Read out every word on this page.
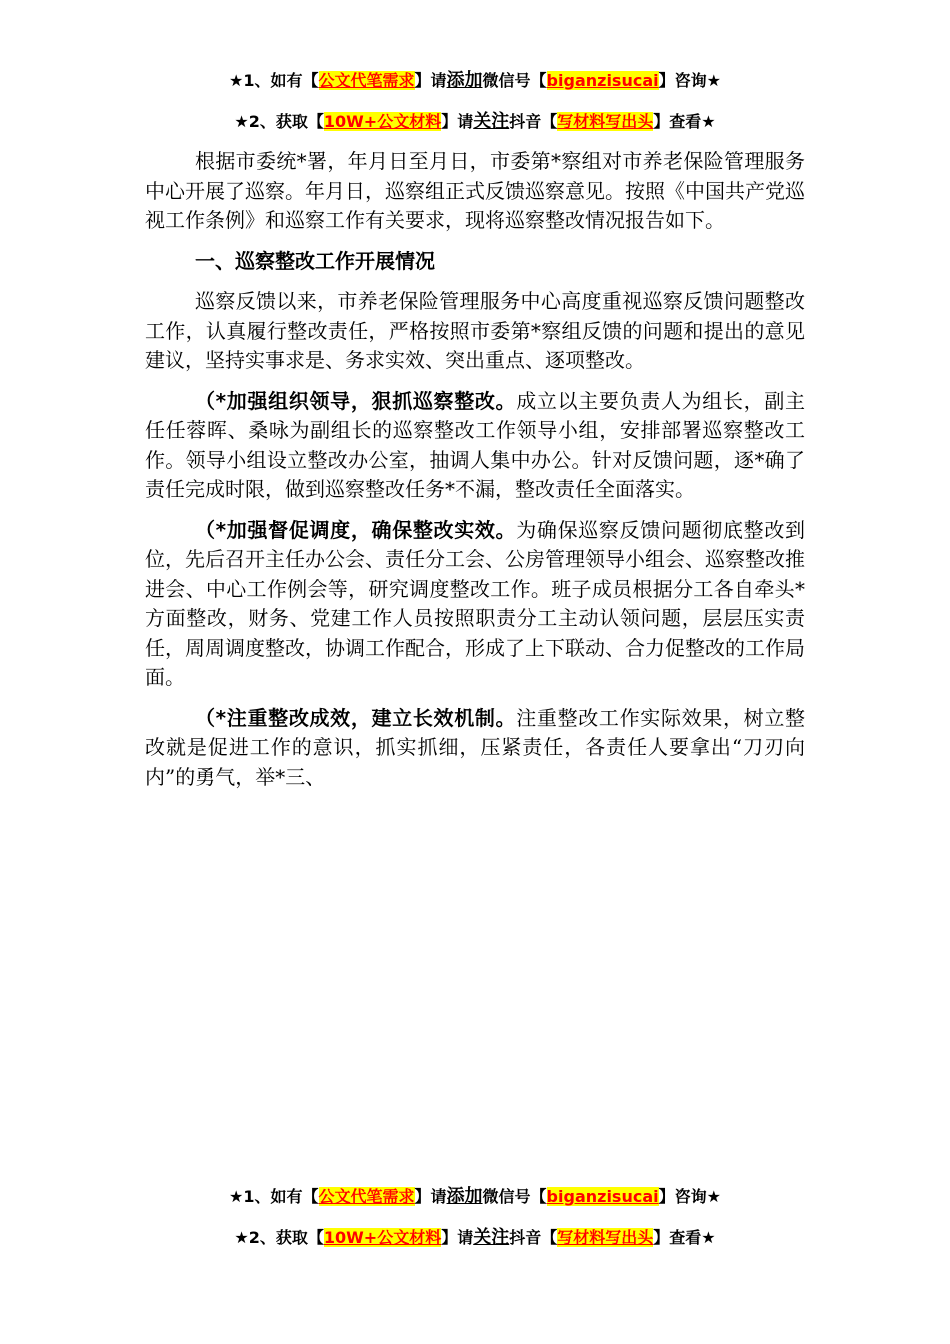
★1、如有【公文代笔需求】请添加微信号【biganzisucai】咨询★
★2、获取【10W+公文材料】请关注抖音【写材料写出头】查看★

根据市委统*署，年月日至月日，市委第*察组对市养老保险管理服务中心开展了巡察。年月日，巡察组正式反馈巡察意见。按照《中国共产党巡视工作条例》和巡察工作有关要求，现将巡察整改情况报告如下。

一、巡察整改工作开展情况

巡察反馈以来，市养老保险管理服务中心高度重视巡察反馈问题整改工作，认真履行整改责任，严格按照市委第*察组反馈的问题和提出的意见建议，坚持实事求是、务求实效、突出重点、逐项整改。

（*加强组织领导，狠抓巡察整改。成立以主要负责人为组长，副主任任蓉晖、桑咏为副组长的巡察整改工作领导小组，安排部署巡察整改工作。领导小组设立整改办公室，抽调人集中办公。针对反馈问题，逐*确了责任完成时限，做到巡察整改任务*不漏，整改责任全面落实。

（*加强督促调度，确保整改实效。为确保巡察反馈问题彻底整改到位，先后召开主任办公会、责任分工会、公房管理领导小组会、巡察整改推进会、中心工作例会等，研究调度整改工作。班子成员根据分工各自牵头*方面整改，财务、党建工作人员按照职责分工主动认领问题，层层压实责任，周周调度整改，协调工作配合，形成了上下联动、合力促整改的工作局面。

（*注重整改成效，建立长效机制。注重整改工作实际效果，树立整改就是促进工作的意识，抓实抓细，压紧责任，各责任人要拿出“刀刃向内”的勇气，举*三、

★1、如有【公文代笔需求】请添加微信号【biganzisucai】咨询★
★2、获取【10W+公文材料】请关注抖音【写材料写出头】查看★
